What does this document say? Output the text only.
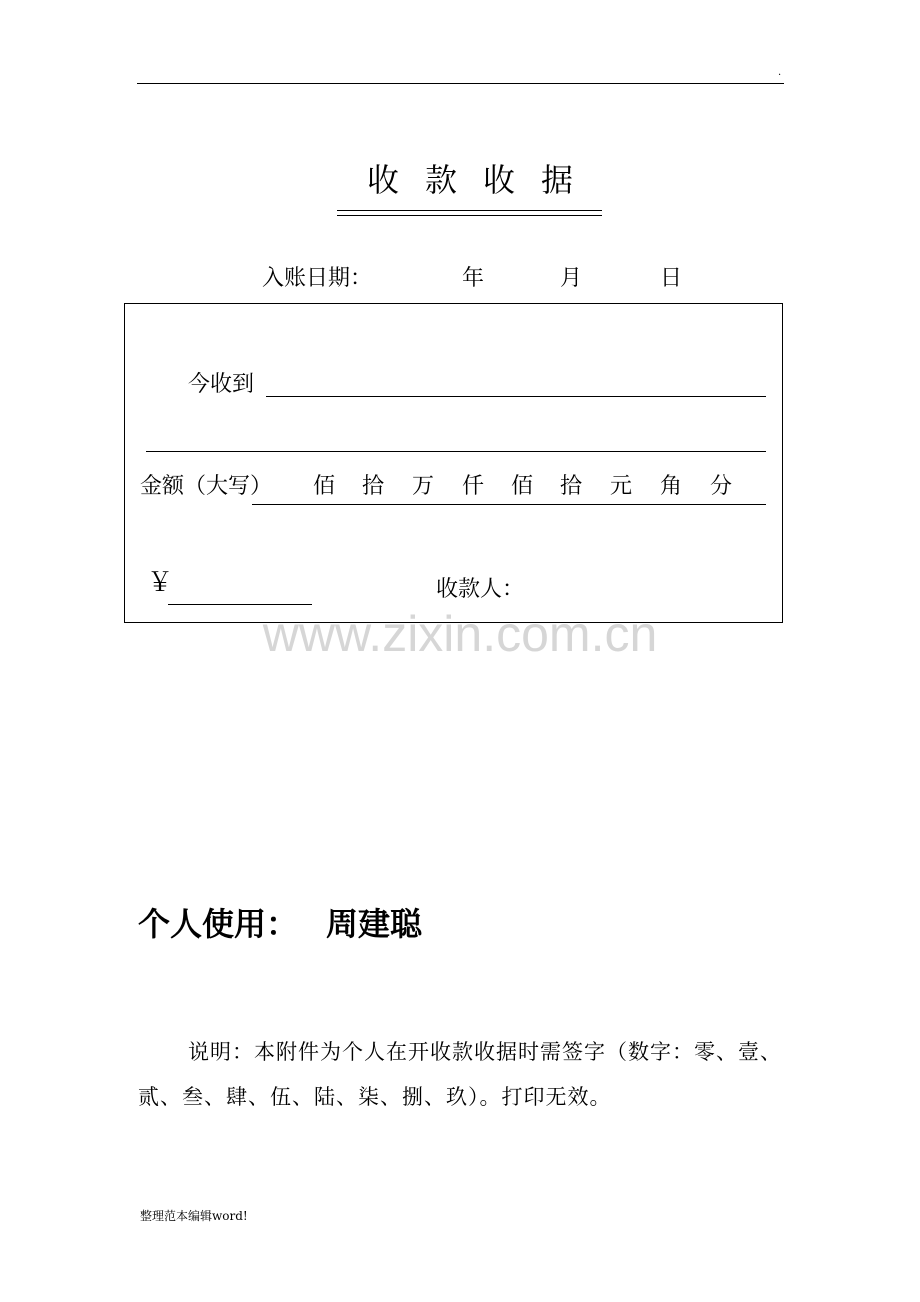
.
收款收据
入账日期：	年	月	日
今收到
金额（大写） 佰 拾 万 仟 佰 拾 元 角 分
￥	收款人：
www.zixin.com.cn
个人使用： 周建聪
说明：本附件为个人在开收款收据时需签字（数字：零、壹、贰、叁、肆、伍、陆、柒、捌、玖）。打印无效。
整理范本编辑word!
